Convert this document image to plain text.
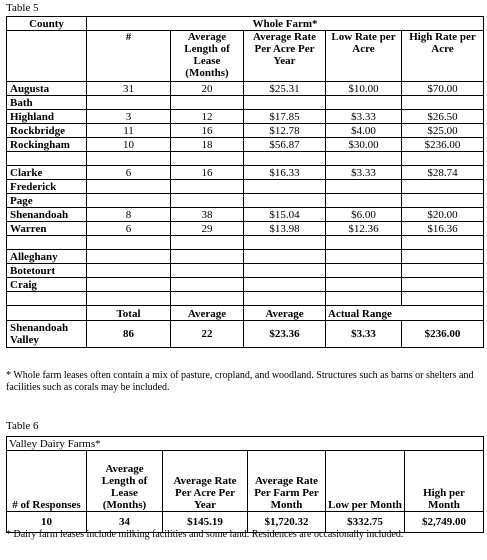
Table 5
County	Whole Farm*				
	#	Average Length of Lease (Months)	Average Rate Per Acre Per Year	Low Rate per Acre	High Rate per Acre
Augusta	31	20	$25.31	$10.00	$70.00
Bath					
Highland	3	12	$17.85	$3.33	$26.50
Rockbridge	11	16	$12.78	$4.00	$25.00
Rockingham	10	18	$56.87	$30.00	$236.00

Clarke	6	16	$16.33	$3.33	$28.74
Frederick					
Page					
Shenandoah	8	38	$15.04	$6.00	$20.00
Warren	6	29	$13.98	$12.36	$16.36

Alleghany					
Botetourt					
Craig					

	Total	Average	Average	Actual Range	
Shenandoah Valley	86	22	$23.36	$3.33	$236.00
* Whole farm leases often contain a mix of pasture, cropland, and woodland. Structures such as barns or shelters and facilities such as corals may be included.
Table 6
Valley Dairy Farms*					
# of Responses	Average Length of Lease (Months)	Average Rate Per Acre Per Year	Average Rate Per Farm Per Month	Low per Month	High per Month
10	34	$145.19	$1,720.32	$332.75	$2,749.00
* Dairy farm leases include milking facilities and some land. Residences are occasionally included.
